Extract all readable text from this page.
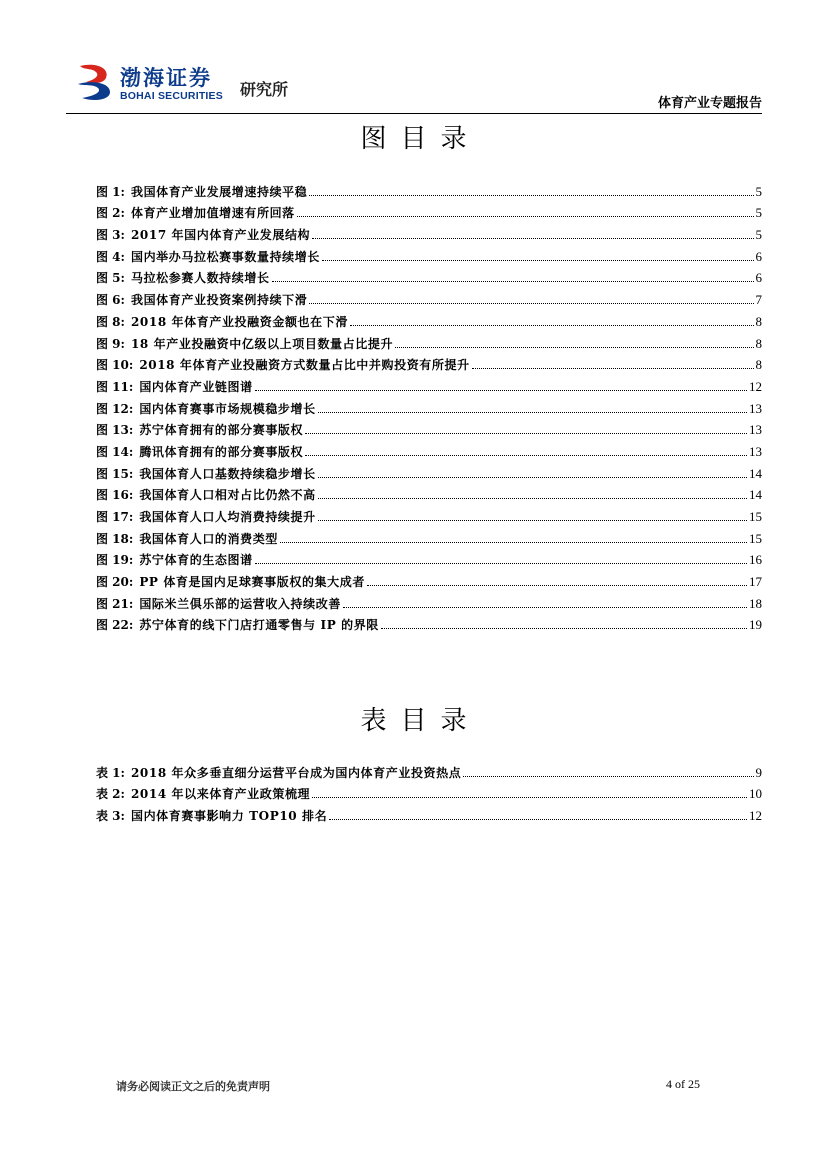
渤海证券
BOHAI SECURITIES 研究所
体育产业专题报告
图目录
图 1: 我国体育产业发展增速持续平稳	5
图 2: 体育产业增加值增速有所回落	5
图 3: 2017 年国内体育产业发展结构	5
图 4: 国内举办马拉松赛事数量持续增长	6
图 5: 马拉松参赛人数持续增长	6
图 6: 我国体育产业投资案例持续下滑	7
图 8: 2018 年体育产业投融资金额也在下滑	8
图 9: 18 年产业投融资中亿级以上项目数量占比提升	8
图 10: 2018 年体育产业投融资方式数量占比中并购投资有所提升	8
图 11: 国内体育产业链图谱	12
图 12: 国内体育赛事市场规模稳步增长	13
图 13: 苏宁体育拥有的部分赛事版权	13
图 14: 腾讯体育拥有的部分赛事版权	13
图 15: 我国体育人口基数持续稳步增长	14
图 16: 我国体育人口相对占比仍然不高	14
图 17: 我国体育人口人均消费持续提升	15
图 18: 我国体育人口的消费类型	15
图 19: 苏宁体育的生态图谱	16
图 20: PP 体育是国内足球赛事版权的集大成者	17
图 21: 国际米兰俱乐部的运营收入持续改善	18
图 22: 苏宁体育的线下门店打通零售与 IP 的界限	19
表目录
表 1: 2018 年众多垂直细分运营平台成为国内体育产业投资热点	9
表 2: 2014 年以来体育产业政策梳理	10
表 3: 国内体育赛事影响力 TOP10 排名	12
请务必阅读正文之后的免责声明	4 of 25
